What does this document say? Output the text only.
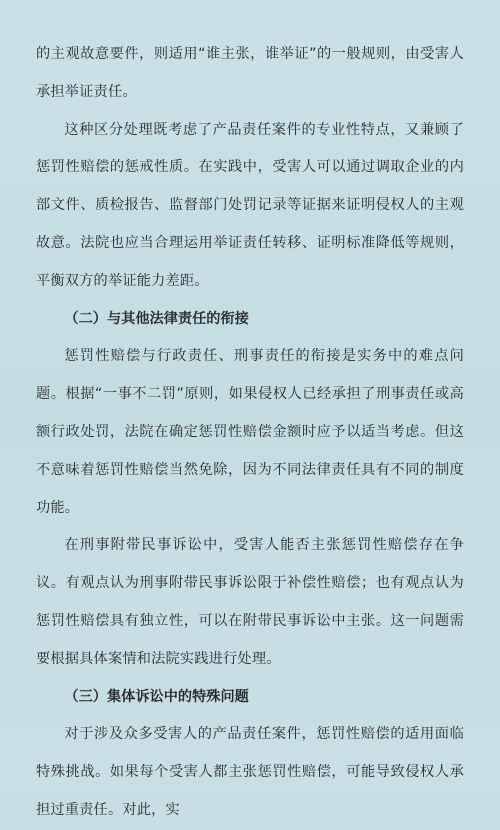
的主观故意要件，则适用“谁主张，谁举证”的一般规则，由受害人承担举证责任。

这种区分处理既考虑了产品责任案件的专业性特点，又兼顾了惩罚性赔偿的惩戒性质。在实践中，受害人可以通过调取企业的内部文件、质检报告、监督部门处罚记录等证据来证明侵权人的主观故意。法院也应当合理运用举证责任转移、证明标准降低等规则，平衡双方的举证能力差距。

（二）与其他法律责任的衔接

惩罚性赔偿与行政责任、刑事责任的衔接是实务中的难点问题。根据“一事不二罚”原则，如果侵权人已经承担了刑事责任或高额行政处罚，法院在确定惩罚性赔偿金额时应予以适当考虑。但这不意味着惩罚性赔偿当然免除，因为不同法律责任具有不同的制度功能。

在刑事附带民事诉讼中，受害人能否主张惩罚性赔偿存在争议。有观点认为刑事附带民事诉讼限于补偿性赔偿；也有观点认为惩罚性赔偿具有独立性，可以在附带民事诉讼中主张。这一问题需要根据具体案情和法院实践进行处理。

（三）集体诉讼中的特殊问题

对于涉及众多受害人的产品责任案件，惩罚性赔偿的适用面临特殊挑战。如果每个受害人都主张惩罚性赔偿，可能导致侵权人承担过重责任。对此，实
